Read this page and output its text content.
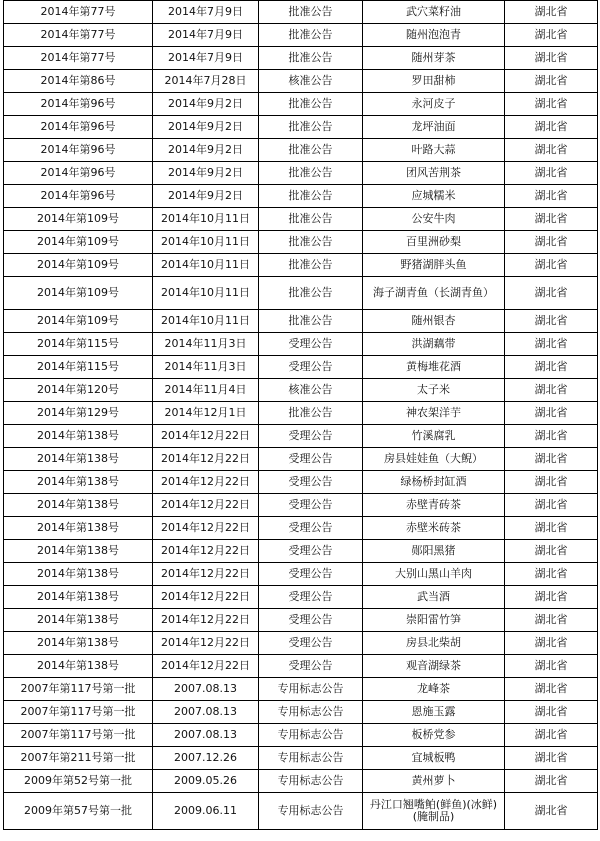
2014年第77号	2014年7月9日	批准公告	武穴菜籽油	湖北省
2014年第77号	2014年7月9日	批准公告	随州泡泡青	湖北省
2014年第77号	2014年7月9日	批准公告	随州芽茶	湖北省
2014年第86号	2014年7月28日	核准公告	罗田甜柿	湖北省
2014年第96号	2014年9月2日	批准公告	永河皮子	湖北省
2014年第96号	2014年9月2日	批准公告	龙坪油面	湖北省
2014年第96号	2014年9月2日	批准公告	叶路大蒜	湖北省
2014年第96号	2014年9月2日	批准公告	团风苦荆茶	湖北省
2014年第96号	2014年9月2日	批准公告	应城糯米	湖北省
2014年第109号	2014年10月11日	批准公告	公安牛肉	湖北省
2014年第109号	2014年10月11日	批准公告	百里洲砂梨	湖北省
2014年第109号	2014年10月11日	批准公告	野猪湖胖头鱼	湖北省
2014年第109号	2014年10月11日	批准公告	海子湖青鱼（长湖青鱼）	湖北省
2014年第109号	2014年10月11日	批准公告	随州银杏	湖北省
2014年第115号	2014年11月3日	受理公告	洪湖藕带	湖北省
2014年第115号	2014年11月3日	受理公告	黄梅堆花酒	湖北省
2014年第120号	2014年11月4日	核准公告	太子米	湖北省
2014年第129号	2014年12月1日	批准公告	神农架洋芋	湖北省
2014年第138号	2014年12月22日	受理公告	竹溪腐乳	湖北省
2014年第138号	2014年12月22日	受理公告	房县娃娃鱼（大鲵）	湖北省
2014年第138号	2014年12月22日	受理公告	绿杨桥封缸酒	湖北省
2014年第138号	2014年12月22日	受理公告	赤壁青砖茶	湖北省
2014年第138号	2014年12月22日	受理公告	赤壁米砖茶	湖北省
2014年第138号	2014年12月22日	受理公告	郧阳黑猪	湖北省
2014年第138号	2014年12月22日	受理公告	大别山黑山羊肉	湖北省
2014年第138号	2014年12月22日	受理公告	武当酒	湖北省
2014年第138号	2014年12月22日	受理公告	崇阳雷竹笋	湖北省
2014年第138号	2014年12月22日	受理公告	房县北柴胡	湖北省
2014年第138号	2014年12月22日	受理公告	观音湖绿茶	湖北省
2007年第117号第一批	2007.08.13	专用标志公告	龙峰茶	湖北省
2007年第117号第一批	2007.08.13	专用标志公告	恩施玉露	湖北省
2007年第117号第一批	2007.08.13	专用标志公告	板桥党参	湖北省
2007年第211号第一批	2007.12.26	专用标志公告	宜城板鸭	湖北省
2009年第52号第一批	2009.05.26	专用标志公告	黄州萝卜	湖北省
2009年第57号第一批	2009.06.11	专用标志公告	丹江口翘嘴鲌(鲜鱼)(冰鲜)(腌制品)	湖北省
